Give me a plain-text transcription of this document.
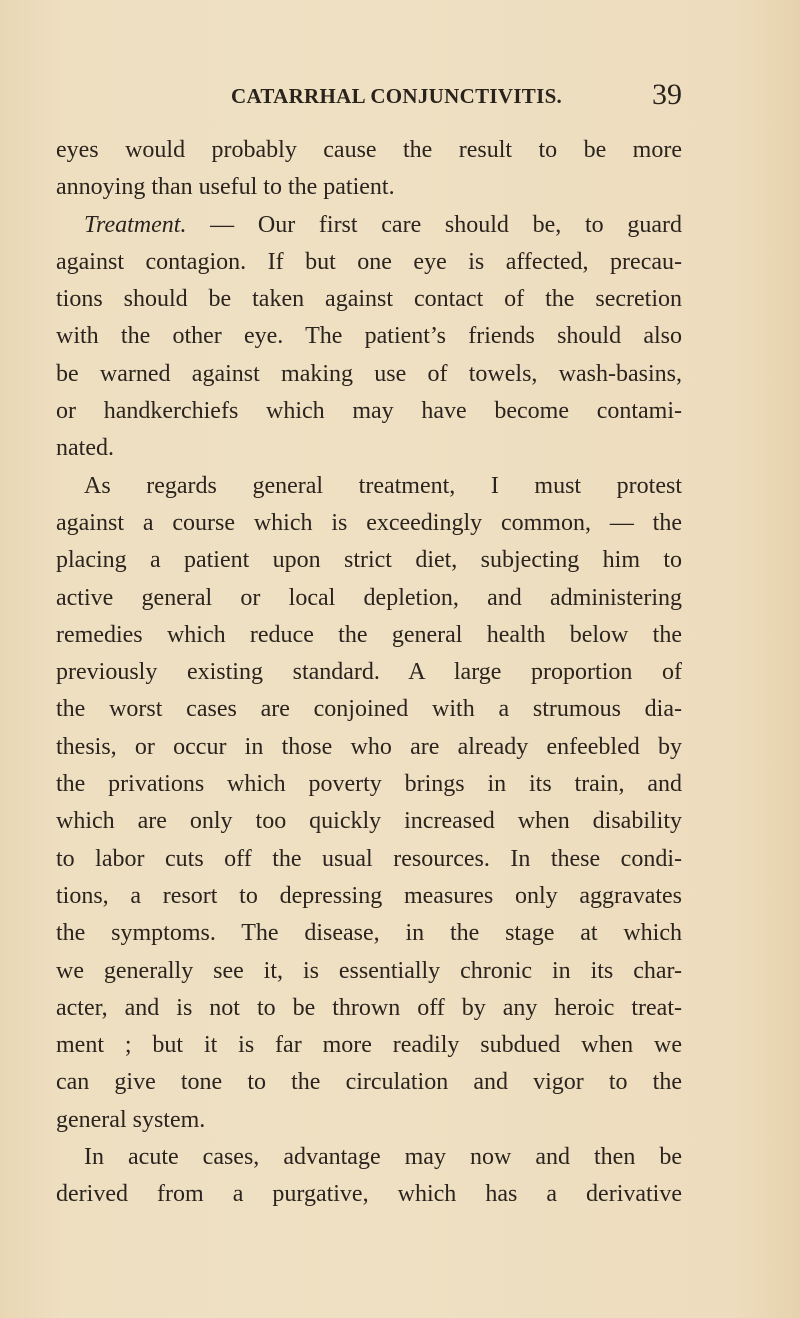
CATARRHAL CONJUNCTIVITIS.	39
eyes would probably cause the result to be more
annoying than useful to the patient.
Treatment. — Our first care should be, to guard
against contagion. If but one eye is affected, precau-
tions should be taken against contact of the secretion
with the other eye. The patient’s friends should also
be warned against making use of towels, wash-basins,
or handkerchiefs which may have become contami-
nated.
As regards general treatment, I must protest
against a course which is exceedingly common, — the
placing a patient upon strict diet, subjecting him to
active general or local depletion, and administering
remedies which reduce the general health below the
previously existing standard. A large proportion of
the worst cases are conjoined with a strumous dia-
thesis, or occur in those who are already enfeebled by
the privations which poverty brings in its train, and
which are only too quickly increased when disability
to labor cuts off the usual resources. In these condi-
tions, a resort to depressing measures only aggravates
the symptoms. The disease, in the stage at which
we generally see it, is essentially chronic in its char-
acter, and is not to be thrown off by any heroic treat-
ment ; but it is far more readily subdued when we
can give tone to the circulation and vigor to the
general system.
In acute cases, advantage may now and then be
derived from a purgative, which has a derivative
